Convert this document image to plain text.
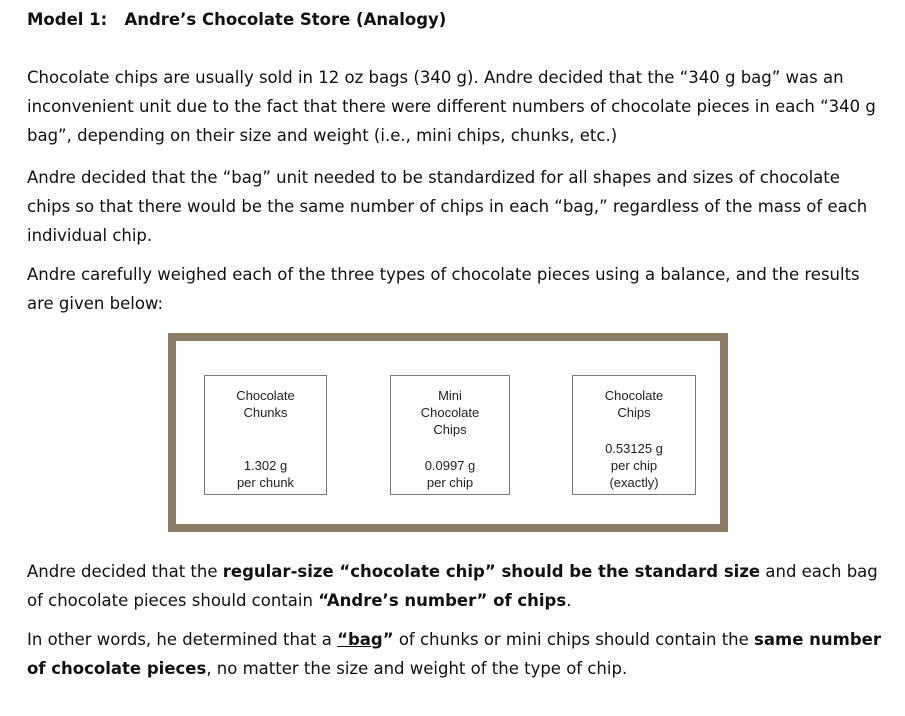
Model 1:   Andre’s Chocolate Store (Analogy)

Chocolate chips are usually sold in 12 oz bags (340 g). Andre decided that the “340 g bag” was an inconvenient unit due to the fact that there were different numbers of chocolate pieces in each “340 g bag”, depending on their size and weight (i.e., mini chips, chunks, etc.)

Andre decided that the “bag” unit needed to be standardized for all shapes and sizes of chocolate chips so that there would be the same number of chips in each “bag,” regardless of the mass of each individual chip.

Andre carefully weighed each of the three types of chocolate pieces using a balance, and the results are given below:

Chocolate
Chunks
1.302 g
per chunk
Mini
Chocolate
Chips
0.0997 g
per chip
Chocolate
Chips
0.53125 g
per chip
(exactly)

Andre decided that the regular-size “chocolate chip” should be the standard size and each bag of chocolate pieces should contain “Andre’s number” of chips.

In other words, he determined that a “bag” of chunks or mini chips should contain the same number of chocolate pieces, no matter the size and weight of the type of chip.
